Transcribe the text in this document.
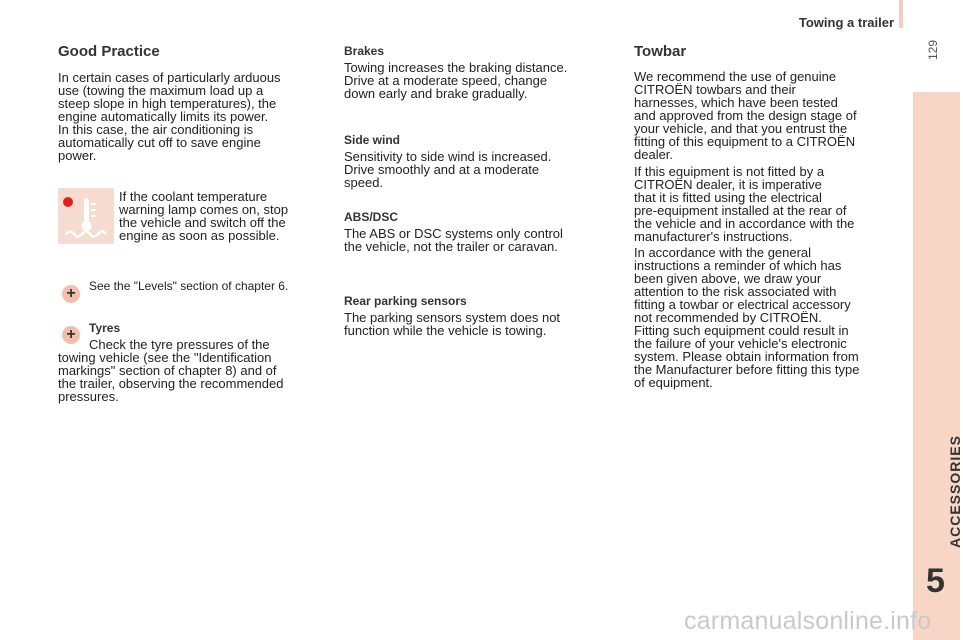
Towing a trailer
129
ACCESSORIES
5
Good Practice

In certain cases of particularly arduous

use (towing the maximum load up a

steep slope in high temperatures), the

engine automatically limits its power.

In this case, the air conditioning is

automatically cut off to save engine

power.

If the coolant temperature

warning lamp comes on, stop

the vehicle and switch off the

engine as soon as possible.

+ See the "Levels" section of chapter 6.
+ Tyres

Check the tyre pressures of the

towing vehicle (see the "Identification

markings" section of chapter 8) and of

the trailer, observing the recommended

pressures.

Brakes

Towing increases the braking distance.

Drive at a moderate speed, change

down early and brake gradually.

Side wind

Sensitivity to side wind is increased.

Drive smoothly and at a moderate

speed.

ABS/DSC

The ABS or DSC systems only control

the vehicle, not the trailer or caravan.

Rear parking sensors

The parking sensors system does not

function while the vehicle is towing.

Towbar

We recommend the use of genuine

CITROËN towbars and their

harnesses, which have been tested

and approved from the design stage of

your vehicle, and that you entrust the

fitting of this equipment to a CITROËN

dealer.

If this equipment is not fitted by a

CITROËN dealer, it is imperative

that it is fitted using the electrical

pre-equipment installed at the rear of

the vehicle and in accordance with the

manufacturer's instructions.

In accordance with the general

instructions a reminder of which has

been given above, we draw your

attention to the risk associated with

fitting a towbar or electrical accessory

not recommended by CITROËN.

Fitting such equipment could result in

the failure of your vehicle's electronic

system. Please obtain information from

the Manufacturer before fitting this type

of equipment.

carmanualsonline.info
